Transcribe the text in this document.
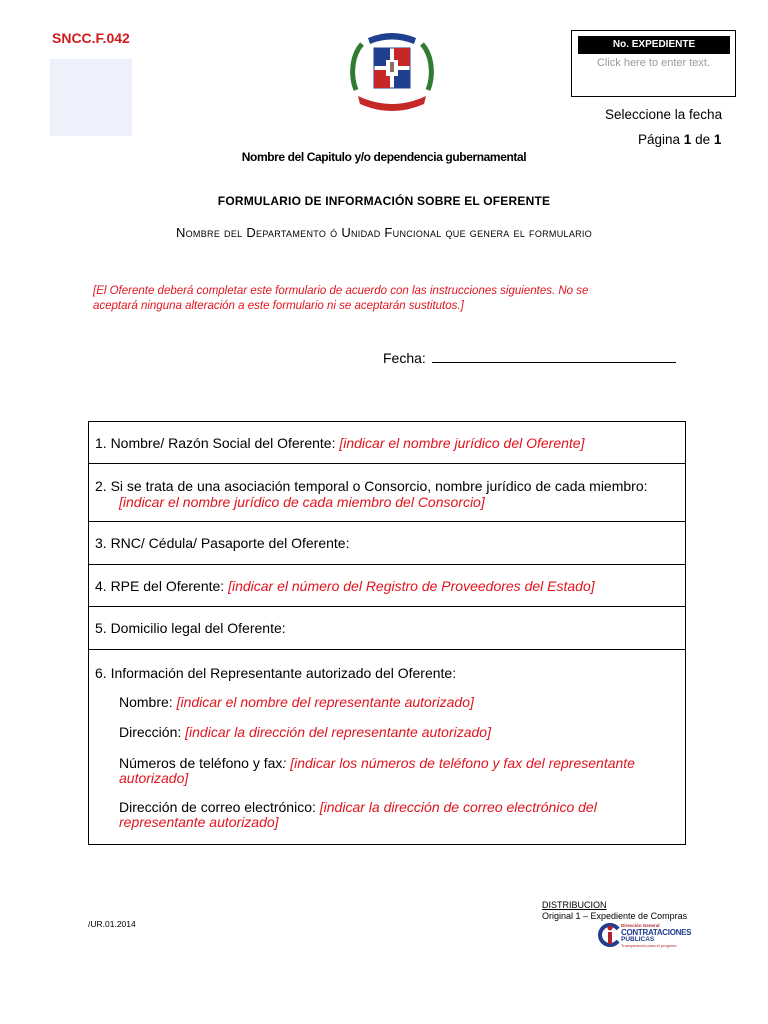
SNCC.F.042	No. EXPEDIENTE
Click here to enter text.
Seleccione la fecha
Página 1 de 1
Nombre del Capitulo y/o dependencia gubernamental
FORMULARIO DE INFORMACIÓN SOBRE EL OFERENTE
Nombre del Departamento ó Unidad Funcional que genera el formulario
[El Oferente deberá completar este formulario de acuerdo con las instrucciones siguientes. No se
aceptará ninguna alteración a este formulario ni se aceptarán sustitutos.]
Fecha:
1. Nombre/ Razón Social del Oferente: [indicar el nombre jurídico del Oferente]
2. Si se trata de una asociación temporal o Consorcio, nombre jurídico de cada miembro:
[indicar el nombre jurídico de cada miembro del Consorcio]
3. RNC/ Cédula/ Pasaporte del Oferente:
4. RPE del Oferente: [indicar el número del Registro de Proveedores del Estado]
5. Domicilio legal del Oferente:
6. Información del Representante autorizado del Oferente:
Nombre: [indicar el nombre del representante autorizado]
Dirección: [indicar la dirección del representante autorizado]
Números de teléfono y fax: [indicar los números de teléfono y fax del representante
autorizado]
Dirección de correo electrónico: [indicar la dirección de correo electrónico del
representante autorizado]
DISTRIBUCION
Original 1 – Expediente de Compras
/UR.01.2014	Dirección General
CONTRATACIONES
PÚBLICAS
Transparencia para el progreso
